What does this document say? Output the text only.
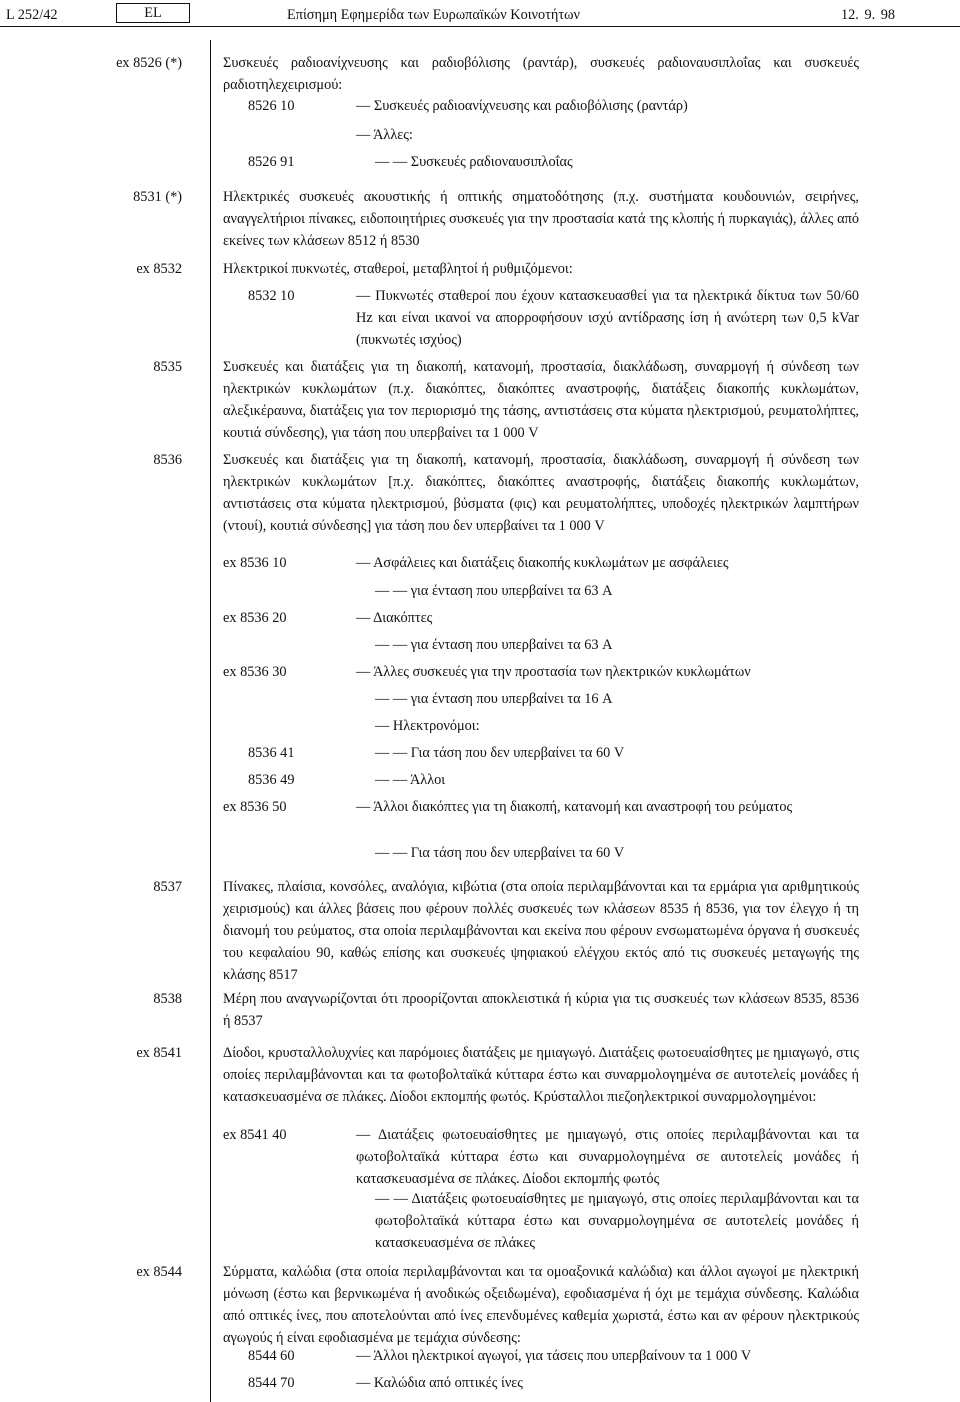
L 252/42	EL	Επίσημη Εφημερίδα των Ευρωπαϊκών Κοινοτήτων	12. 9. 98
ex 8526 (*)	Συσκευές ραδιοανίχνευσης και ραδιοβόλισης (ραντάρ), συσκευές ραδιοναυσιπλοΐας και συσκευές ραδιοτηλεχειρισμού:
8526 10	— Συσκευές ραδιοανίχνευσης και ραδιοβόλισης (ραντάρ)
— Άλλες:
8526 91	— — Συσκευές ραδιοναυσιπλοΐας
8531 (*)	Ηλεκτρικές συσκευές ακουστικής ή οπτικής σηματοδότησης (π.χ. συστήματα κουδουνιών, σειρήνες, αναγγελτήριοι πίνακες, ειδοποιητήριες συσκευές για την προστασία κατά της κλοπής ή πυρκαγιάς), άλλες από εκείνες των κλάσεων 8512 ή 8530
ex 8532	Ηλεκτρικοί πυκνωτές, σταθεροί, μεταβλητοί ή ρυθμιζόμενοι:
8532 10	— Πυκνωτές σταθεροί που έχουν κατασκευασθεί για τα ηλεκτρικά δίκτυα των 50/60 Hz και είναι ικανοί να απορροφήσουν ισχύ αντίδρασης ίση ή ανώτερη των 0,5 kVar (πυκνωτές ισχύος)
8535	Συσκευές και διατάξεις για τη διακοπή, κατανομή, προστασία, διακλάδωση, συναρμογή ή σύνδεση των ηλεκτρικών κυκλωμάτων (π.χ. διακόπτες, διακόπτες αναστροφής, διατάξεις διακοπής κυκλωμάτων, αλεξικέραυνα, διατάξεις για τον περιορισμό της τάσης, αντιστάσεις στα κύματα ηλεκτρισμού, ρευματολήπτες, κουτιά σύνδεσης), για τάση που υπερβαίνει τα 1 000 V
8536	Συσκευές και διατάξεις για τη διακοπή, κατανομή, προστασία, διακλάδωση, συναρμογή ή σύνδεση των ηλεκτρικών κυκλωμάτων [π.χ. διακόπτες, διακόπτες αναστροφής, διατάξεις διακοπής κυκλωμάτων, αντιστάσεις στα κύματα ηλεκτρισμού, βύσματα (φις) και ρευματολήπτες, υποδοχές ηλεκτρικών λαμπτήρων (ντουί), κουτιά σύνδεσης] για τάση που δεν υπερβαίνει τα 1 000 V
ex 8536 10	— Ασφάλειες και διατάξεις διακοπής κυκλωμάτων με ασφάλειες
— — για ένταση που υπερβαίνει τα 63 A
ex 8536 20	— Διακόπτες
— — για ένταση που υπερβαίνει τα 63 A
ex 8536 30	— Άλλες συσκευές για την προστασία των ηλεκτρικών κυκλωμάτων
— — για ένταση που υπερβαίνει τα 16 A
— Ηλεκτρονόμοι:
8536 41	— — Για τάση που δεν υπερβαίνει τα 60 V
8536 49	— — Άλλοι
ex 8536 50	— Άλλοι διακόπτες για τη διακοπή, κατανομή και αναστροφή του ρεύματος
— — Για τάση που δεν υπερβαίνει τα 60 V
8537	Πίνακες, πλαίσια, κονσόλες, αναλόγια, κιβώτια (στα οποία περιλαμβάνονται και τα ερμάρια για αριθμητικούς χειρισμούς) και άλλες βάσεις που φέρουν πολλές συσκευές των κλάσεων 8535 ή 8536, για τον έλεγχο ή τη διανομή του ρεύματος, στα οποία περιλαμβάνονται και εκείνα που φέρουν ενσωματωμένα όργανα ή συσκευές του κεφαλαίου 90, καθώς επίσης και συσκευές ψηφιακού ελέγχου εκτός από τις συσκευές μεταγωγής της κλάσης 8517
8538	Μέρη που αναγνωρίζονται ότι προορίζονται αποκλειστικά ή κύρια για τις συσκευές των κλάσεων 8535, 8536 ή 8537
ex 8541	Δίοδοι, κρυσταλλολυχνίες και παρόμοιες διατάξεις με ημιαγωγό. Διατάξεις φωτοευαίσθητες με ημιαγωγό, στις οποίες περιλαμβάνονται και τα φωτοβολταϊκά κύτταρα έστω και συναρμολογημένα σε αυτοτελείς μονάδες ή κατασκευασμένα σε πλάκες. Δίοδοι εκπομπής φωτός. Κρύσταλλοι πιεζοηλεκτρικοί συναρμολογημένοι:
ex 8541 40	— Διατάξεις φωτοευαίσθητες με ημιαγωγό, στις οποίες περιλαμβάνονται και τα φωτοβολταϊκά κύτταρα έστω και συναρμολογημένα σε αυτοτελείς μονάδες ή κατασκευασμένα σε πλάκες. Δίοδοι εκπομπής φωτός
— — Διατάξεις φωτοευαίσθητες με ημιαγωγό, στις οποίες περιλαμβάνονται και τα φωτοβολταϊκά κύτταρα έστω και συναρμολογημένα σε αυτοτελείς μονάδες ή κατασκευασμένα σε πλάκες
ex 8544	Σύρματα, καλώδια (στα οποία περιλαμβάνονται και τα ομοαξονικά καλώδια) και άλλοι αγωγοί με ηλεκτρική μόνωση (έστω και βερνικωμένα ή ανοδικώς οξειδωμένα), εφοδιασμένα ή όχι με τεμάχια σύνδεσης. Καλώδια από οπτικές ίνες, που αποτελούνται από ίνες επενδυμένες καθεμία χωριστά, έστω και αν φέρουν ηλεκτρικούς αγωγούς ή είναι εφοδιασμένα με τεμάχια σύνδεσης:
8544 60	— Άλλοι ηλεκτρικοί αγωγοί, για τάσεις που υπερβαίνουν τα 1 000 V
8544 70	— Καλώδια από οπτικές ίνες
